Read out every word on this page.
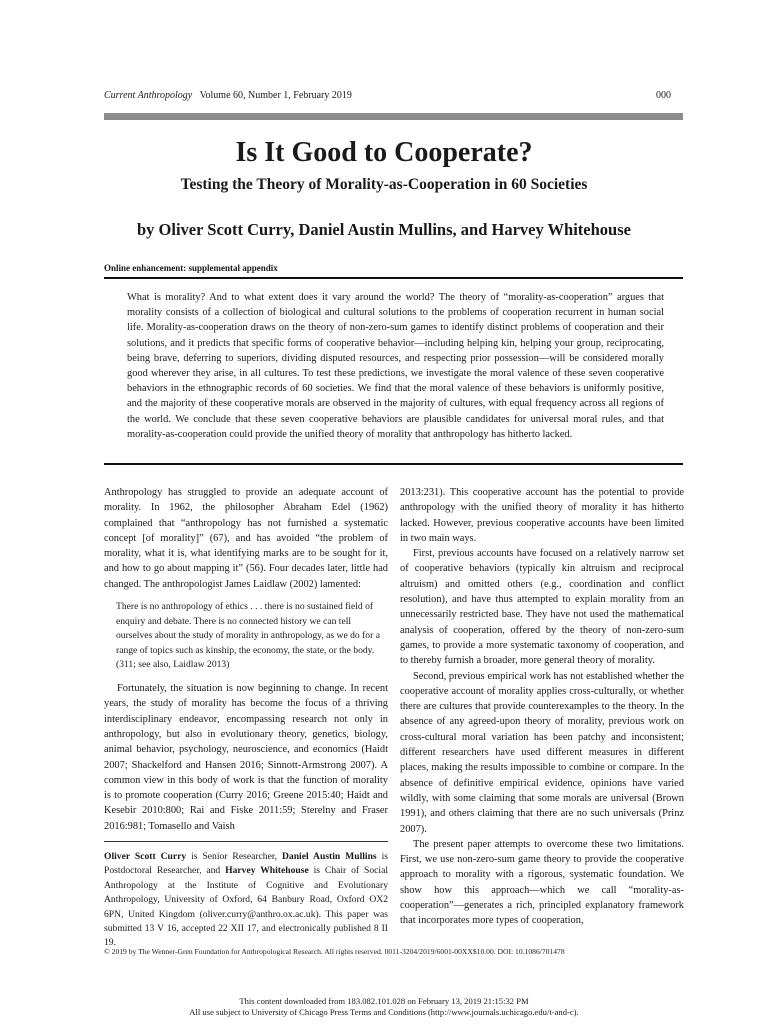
Current Anthropology Volume 60, Number 1, February 2019	000
Is It Good to Cooperate?
Testing the Theory of Morality-as-Cooperation in 60 Societies
by Oliver Scott Curry, Daniel Austin Mullins, and Harvey Whitehouse
Online enhancement: supplemental appendix
What is morality? And to what extent does it vary around the world? The theory of “morality-as-cooperation” argues that morality consists of a collection of biological and cultural solutions to the problems of cooperation recurrent in human social life. Morality-as-cooperation draws on the theory of non-zero-sum games to identify distinct problems of cooperation and their solutions, and it predicts that specific forms of cooperative behavior—including helping kin, helping your group, reciprocating, being brave, deferring to superiors, dividing disputed resources, and respecting prior possession—will be considered morally good wherever they arise, in all cultures. To test these predictions, we investigate the moral valence of these seven cooperative behaviors in the ethnographic records of 60 societies. We find that the moral valence of these behaviors is uniformly positive, and the majority of these cooperative morals are observed in the majority of cultures, with equal frequency across all regions of the world. We conclude that these seven cooperative behaviors are plausible candidates for universal moral rules, and that morality-as-cooperation could provide the unified theory of morality that anthropology has hitherto lacked.

Anthropology has struggled to provide an adequate account of morality. In 1962, the philosopher Abraham Edel (1962) complained that “anthropology has not furnished a systematic concept [of morality]” (67), and has avoided “the problem of morality, what it is, what identifying marks are to be sought for it, and how to go about mapping it” (56). Four decades later, little had changed. The anthropologist James Laidlaw (2002) lamented:

There is no anthropology of ethics . . . there is no sustained field of enquiry and debate. There is no connected history we can tell ourselves about the study of morality in anthropology, as we do for a range of topics such as kinship, the economy, the state, or the body. (311; see also, Laidlaw 2013)

Fortunately, the situation is now beginning to change. In recent years, the study of morality has become the focus of a thriving interdisciplinary endeavor, encompassing research not only in anthropology, but also in evolutionary theory, genetics, biology, animal behavior, psychology, neuroscience, and economics (Haidt 2007; Shackelford and Hansen 2016; Sinnott-Armstrong 2007). A common view in this body of work is that the function of morality is to promote cooperation (Curry 2016; Greene 2015:40; Haidt and Kesebir 2010:800; Rai and Fiske 2011:59; Sterelny and Fraser 2016:981; Tomasello and Vaish

Oliver Scott Curry is Senior Researcher, Daniel Austin Mullins is Postdoctoral Researcher, and Harvey Whitehouse is Chair of Social Anthropology at the Institute of Cognitive and Evolutionary Anthropology, University of Oxford, 64 Banbury Road, Oxford OX2 6PN, United Kingdom (oliver.curry@anthro.ox.ac.uk). This paper was submitted 13 V 16, accepted 22 XII 17, and electronically published 8 II 19.

2013:231). This cooperative account has the potential to provide anthropology with the unified theory of morality it has hitherto lacked. However, previous cooperative accounts have been limited in two main ways.

First, previous accounts have focused on a relatively narrow set of cooperative behaviors (typically kin altruism and reciprocal altruism) and omitted others (e.g., coordination and conflict resolution), and have thus attempted to explain morality from an unnecessarily restricted base. They have not used the mathematical analysis of cooperation, offered by the theory of non-zero-sum games, to provide a more systematic taxonomy of cooperation, and to thereby furnish a broader, more general theory of morality.

Second, previous empirical work has not established whether the cooperative account of morality applies cross-culturally, or whether there are cultures that provide counterexamples to the theory. In the absence of any agreed-upon theory of morality, previous work on cross-cultural moral variation has been patchy and inconsistent; different researchers have used different measures in different places, making the results impossible to combine or compare. In the absence of definitive empirical evidence, opinions have varied wildly, with some claiming that some morals are universal (Brown 1991), and others claiming that there are no such universals (Prinz 2007).

The present paper attempts to overcome these two limitations. First, we use non-zero-sum game theory to provide the cooperative approach to morality with a rigorous, systematic foundation. We show how this approach—which we call “morality-as-cooperation”—generates a rich, principled explanatory framework that incorporates more types of cooperation,

© 2019 by The Wenner-Gren Foundation for Anthropological Research. All rights reserved. 0011-3204/2019/6001-00XX$10.00. DOI: 10.1086/701478
This content downloaded from 183.082.101.028 on February 13, 2019 21:15:32 PM
All use subject to University of Chicago Press Terms and Conditions (http://www.journals.uchicago.edu/t-and-c).
